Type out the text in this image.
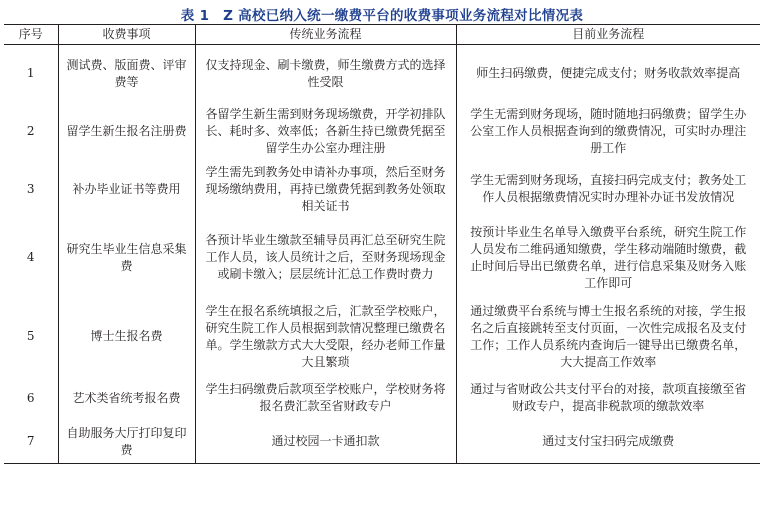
表 1　Z 高校已纳入统一缴费平台的收费事项业务流程对比情况表
序号	收费事项	传统业务流程	目前业务流程
1	测试费、版面费、评审费等	仅支持现金、刷卡缴费，师生缴费方式的选择性受限	师生扫码缴费，便捷完成支付；财务收款效率提高
2	留学生新生报名注册费	各留学生新生需到财务现场缴费，开学初排队长、耗时多、效率低；各新生持已缴费凭据至留学生办公室办理注册	学生无需到财务现场，随时随地扫码缴费；留学生办公室工作人员根据查询到的缴费情况，可实时办理注册工作
3	补办毕业证书等费用	学生需先到教务处申请补办事项，然后至财务现场缴纳费用，再持已缴费凭据到教务处领取相关证书	学生无需到财务现场，直接扫码完成支付；教务处工作人员根据缴费情况实时办理补办证书发放情况
4	研究生毕业生信息采集费	各预计毕业生缴款至辅导员再汇总至研究生院工作人员，该人员统计之后，至财务现场现金或刷卡缴入；层层统计汇总工作费时费力	按预计毕业生名单导入缴费平台系统，研究生院工作人员发布二维码通知缴费，学生移动端随时缴费，截止时间后导出已缴费名单，进行信息采集及财务入账工作即可
5	博士生报名费	学生在报名系统填报之后，汇款至学校账户，研究生院工作人员根据到款情况整理已缴费名单。学生缴款方式大大受限，经办老师工作量大且繁琐	通过缴费平台系统与博士生报名系统的对接，学生报名之后直接跳转至支付页面，一次性完成报名及支付工作；工作人员系统内查询后一键导出已缴费名单，大大提高工作效率
6	艺术类省统考报名费	学生扫码缴费后款项至学校账户，学校财务将报名费汇款至省财政专户	通过与省财政公共支付平台的对接，款项直接缴至省财政专户，提高非税款项的缴款效率
7	自助服务大厅打印复印费	通过校园一卡通扣款	通过支付宝扫码完成缴费
